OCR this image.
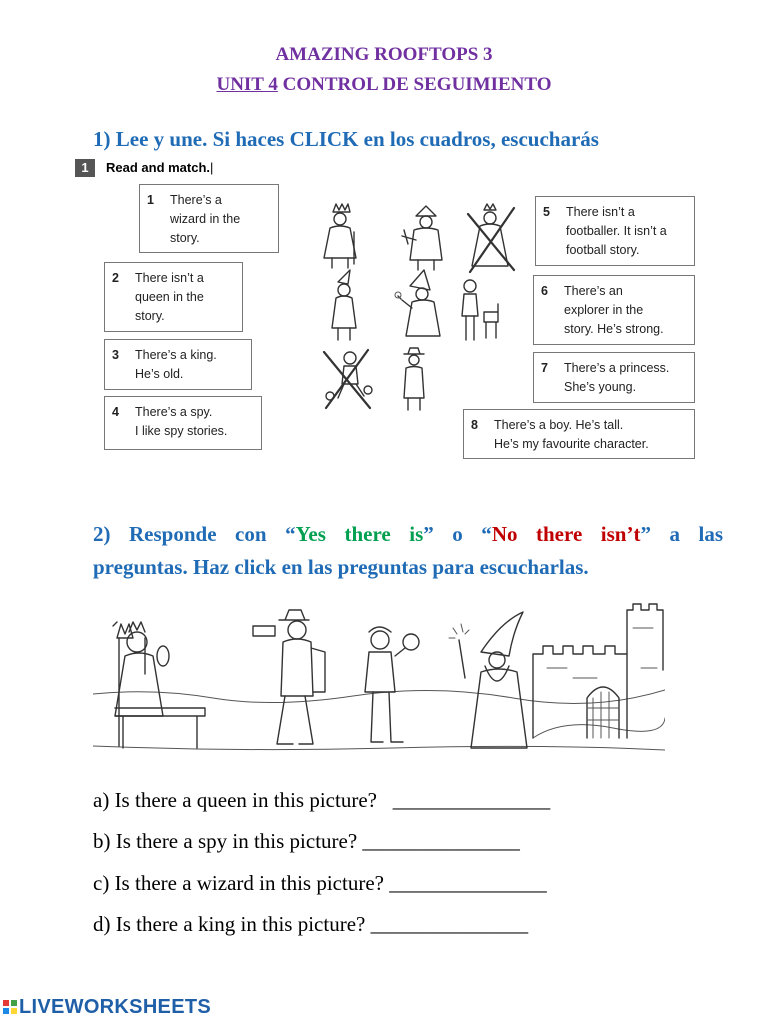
AMAZING ROOFTOPS 3
UNIT 4 CONTROL DE SEGUIMIENTO
1) Lee y une. Si haces CLICK en los cuadros, escucharás
1	Read and match.|
1 There’s a
wizard in the
story.
2 There isn’t a
queen in the
story.
3 There’s a king.
He’s old.
4 There’s a spy.
I like spy stories.
5 There isn’t a
footballer. It isn’t a
football story.
6 There’s an
explorer in the
story. He’s strong.
7 There’s a princess.
She’s young.
8 There’s a boy. He’s tall.
He’s my favourite character.
2) Responde con “Yes there is” o “No there isn’t” a las
preguntas. Haz click en las preguntas para escucharlas.
a) Is there a queen in this picture? _______________
b) Is there a spy in this picture? _______________
c) Is there a wizard in this picture? _______________
d) Is there a king in this picture? _______________
LIVEWORKSHEETS
